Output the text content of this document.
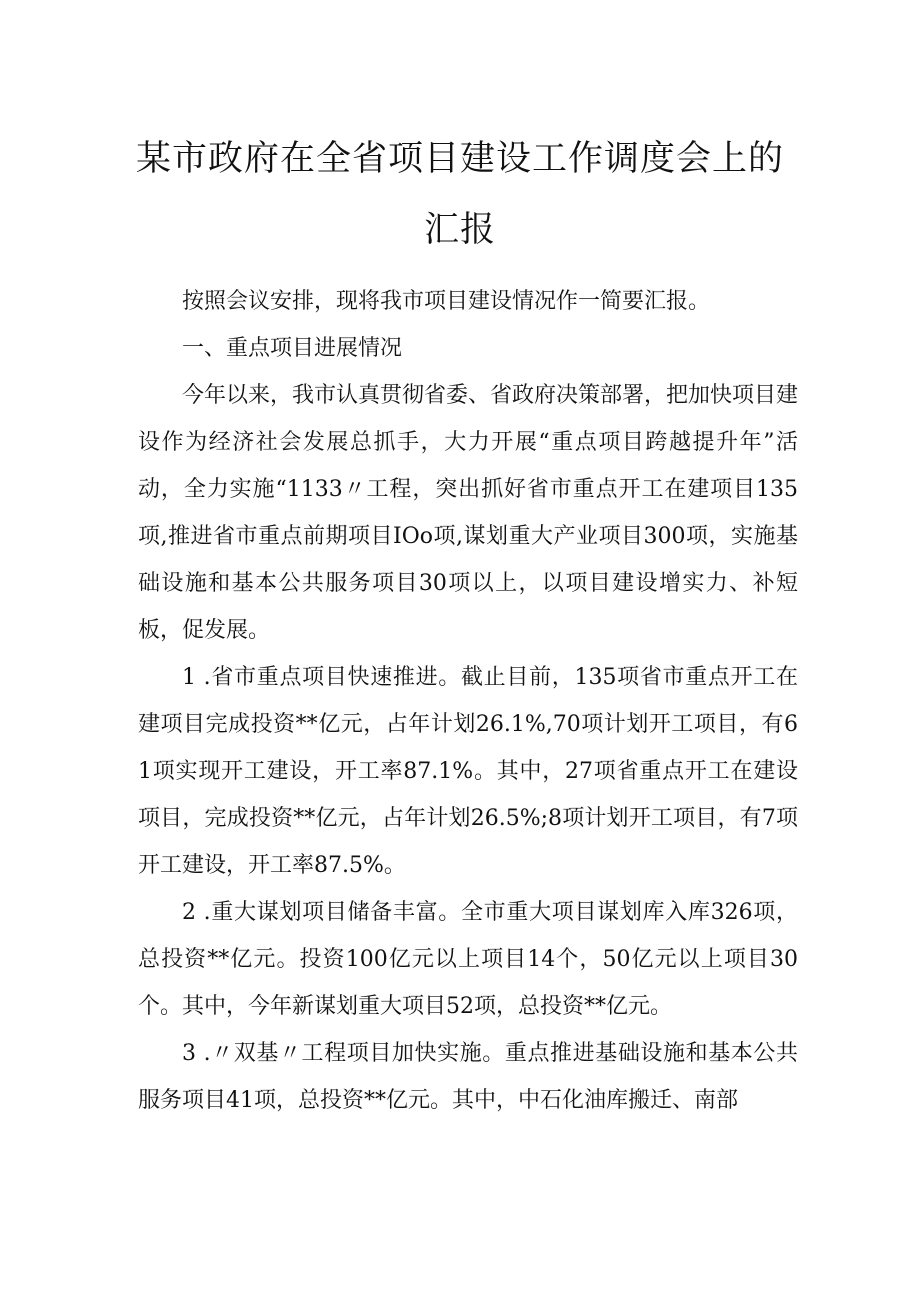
某市政府在全省项目建设工作调度会上的
汇报

按照会议安排，现将我市项目建设情况作一简要汇报。

一、重点项目进展情况

今年以来，我市认真贯彻省委、省政府决策部署，把加快项目建设作为经济社会发展总抓手，大力开展“重点项目跨越提升年”活动，全力实施“1133〃工程，突出抓好省市重点开工在建项目135项,推进省市重点前期项目IOo项,谋划重大产业项目300项，实施基础设施和基本公共服务项目30项以上，以项目建设增实力、补短板，促发展。

1 .省市重点项目快速推进。截止目前，135项省市重点开工在建项目完成投资**亿元，占年计划26.1%,70项计划开工项目，有61项实现开工建设，开工率87.1%。其中，27项省重点开工在建设项目，完成投资**亿元，占年计划26.5%;8项计划开工项目，有7项开工建设，开工率87.5%。

2 .重大谋划项目储备丰富。全市重大项目谋划库入库326项，总投资**亿元。投资100亿元以上项目14个，50亿元以上项目30个。其中，今年新谋划重大项目52项，总投资**亿元。

3 .〃双基〃工程项目加快实施。重点推进基础设施和基本公共服务项目41项，总投资**亿元。其中，中石化油库搬迁、南部
